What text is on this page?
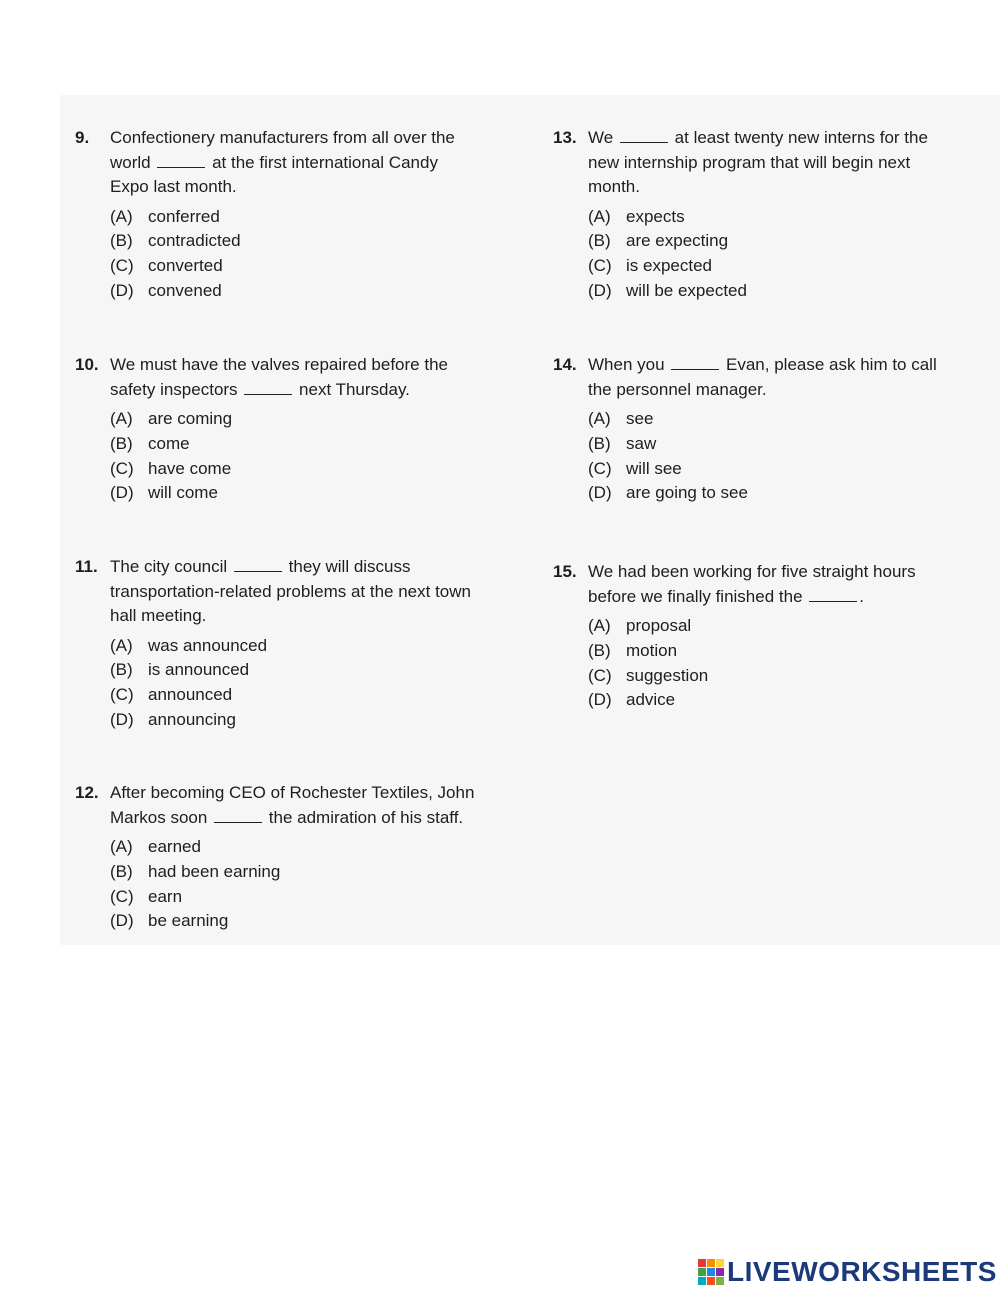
9. Confectionery manufacturers from all over the world	at the first international Candy Expo last month.
(A) conferred
(B) contradicted
(C) converted
(D) convened
10. We must have the valves repaired before the safety inspectors	next Thursday.
(A) are coming
(B) come
(C) have come
(D) will come
11. The city council	they will discuss transportation-related problems at the next town hall meeting.
(A) was announced
(B) is announced
(C) announced
(D) announcing
12. After becoming CEO of Rochester Textiles, John Markos soon	the admiration of his staff.
(A) earned
(B) had been earning
(C) earn
(D) be earning
13. We	at least twenty new interns for the new internship program that will begin next month.
(A) expects
(B) are expecting
(C) is expected
(D) will be expected
14. When you	Evan, please ask him to call the personnel manager.
(A) see
(B) saw
(C) will see
(D) are going to see
15. We had been working for five straight hours before we finally finished the	.
(A) proposal
(B) motion
(C) suggestion
(D) advice
LIVEWORKSHEETS
